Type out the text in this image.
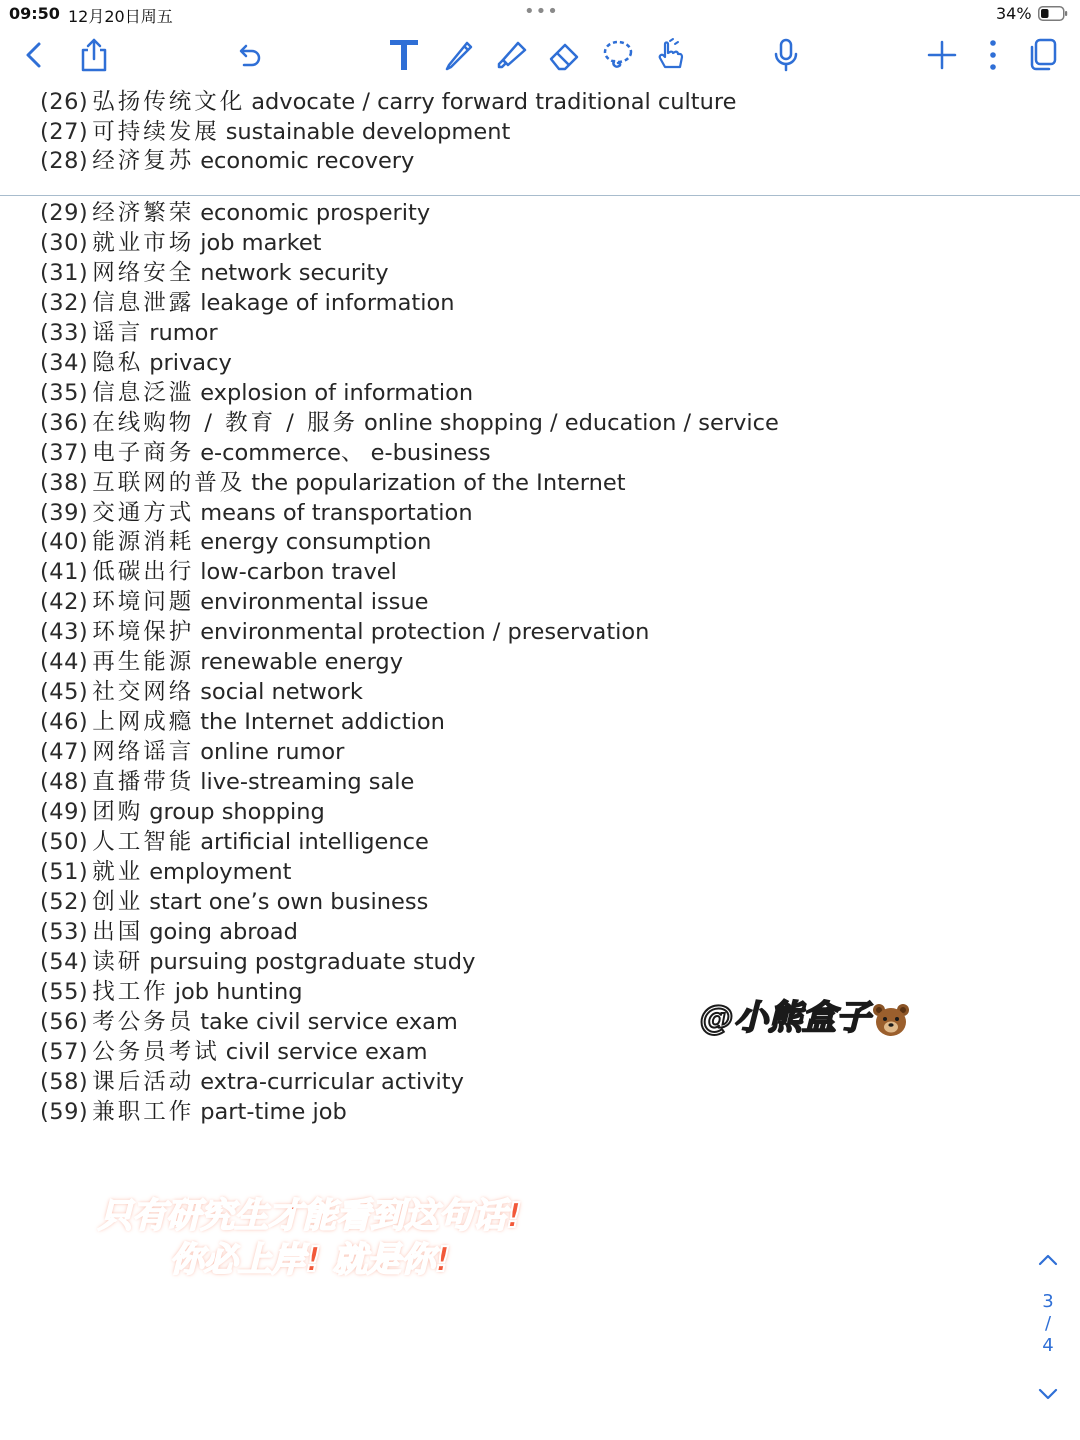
09:50 12月20日周五	•••	34%
(26) 弘扬传统文化 advocate / carry forward traditional culture
(27) 可持续发展 sustainable development
(28) 经济复苏 economic recovery
(29) 经济繁荣 economic prosperity
(30) 就业市场 job market
(31) 网络安全 network security
(32) 信息泄露 leakage of information
(33) 谣言 rumor
(34) 隐私 privacy
(35) 信息泛滥 explosion of information
(36) 在线购物 / 教育 / 服务 online shopping / education / service
(37) 电子商务 e-commerce、 e-business
(38) 互联网的普及 the popularization of the Internet
(39) 交通方式 means of transportation
(40) 能源消耗 energy consumption
(41) 低碳出行 low-carbon travel
(42) 环境问题 environmental issue
(43) 环境保护 environmental protection / preservation
(44) 再生能源 renewable energy
(45) 社交网络 social network
(46) 上网成瘾 the Internet addiction
(47) 网络谣言 online rumor
(48) 直播带货 live-streaming sale
(49) 团购 group shopping
(50) 人工智能 artificial intelligence
(51) 就业 employment
(52) 创业 start one’s own business
(53) 出国 going abroad
(54) 读研 pursuing postgraduate study
(55) 找工作 job hunting
(56) 考公务员 take civil service exam
(57) 公务员考试 civil service exam
(58) 课后活动 extra-curricular activity
(59) 兼职工作 part-time job
@小熊盒子
只有研究生才能看到这句话!
你必上岸! 就是你!
3
/
4
